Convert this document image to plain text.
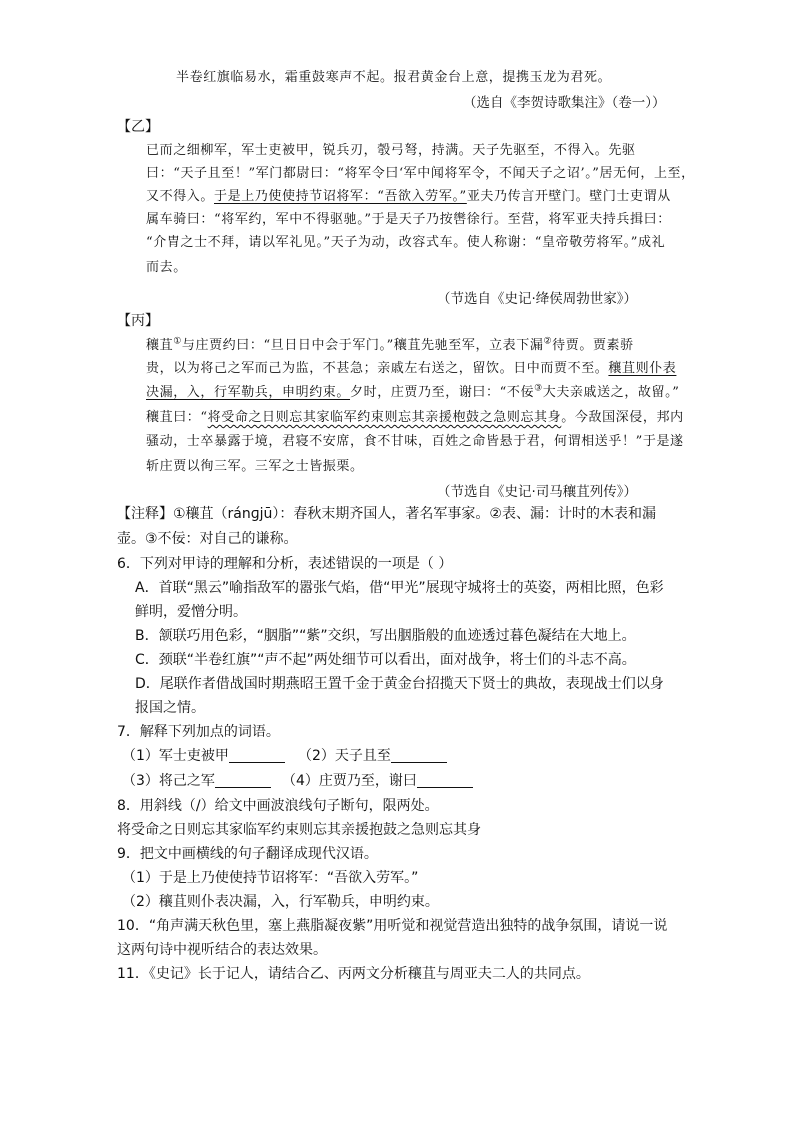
半卷红旗临易水，霜重鼓寒声不起。报君黄金台上意，提携玉龙为君死。
（选自《李贺诗歌集注》（卷一））
【乙】
已而之细柳军，军士吏被甲，锐兵刃，彀弓弩，持满。天子先驱至，不得入。先驱
曰：“天子且至！”军门都尉曰：“将军令曰‘军中闻将军令，不闻天子之诏’。”居无何，上至，
又不得入。于是上乃使使持节诏将军：“吾欲入劳军。”亚夫乃传言开壁门。壁门士吏谓从
属车骑曰：“将军约，军中不得驱驰。”于是天子乃按辔徐行。至营，将军亚夫持兵揖曰：
“介胄之士不拜，请以军礼见。”天子为动，改容式车。使人称谢：“皇帝敬劳将军。”成礼
而去。
（节选自《史记·绛侯周勃世家》）
【丙】
穰苴①与庄贾约曰：“旦日日中会于军门。”穰苴先驰至军，立表下漏②待贾。贾素骄
贵，以为将己之军而己为监，不甚急；亲戚左右送之，留饮。日中而贾不至。穰苴则仆表
决漏，入，行军勒兵，申明约束。夕时，庄贾乃至，谢曰：“不佞③大夫亲戚送之，故留。”
穰苴曰：“将受命之日则忘其家临军约束则忘其亲援枹鼓之急则忘其身。今敌国深侵，邦内
骚动，士卒暴露于境，君寝不安席，食不甘味，百姓之命皆悬于君，何谓相送乎！”于是遂
斩庄贾以徇三军。三军之士皆振栗。
（节选自《史记·司马穰苴列传》）
【注释】①穰苴（ránɡjū）：春秋末期齐国人，著名军事家。②表、漏：计时的木表和漏
壶。③不佞：对自己的谦称。
6．下列对甲诗的理解和分析，表述错误的一项是（ ）
A．首联“黑云”喻指敌军的嚣张气焰，借“甲光”展现守城将士的英姿，两相比照，色彩
鲜明，爱憎分明。
B．颔联巧用色彩，“胭脂”“紫”交织，写出胭脂般的血迹透过暮色凝结在大地上。
C．颈联“半卷红旗”“声不起”两处细节可以看出，面对战争，将士们的斗志不高。
D．尾联作者借战国时期燕昭王置千金于黄金台招揽天下贤士的典故，表现战士们以身
报国之情。
7．解释下列加点的词语。
（1）军士吏被甲	（2）天子且至
（3）将己之军	（4）庄贾乃至，谢曰
8．用斜线（/）给文中画波浪线句子断句，限两处。
将受命之日则忘其家临军约束则忘其亲援抱鼓之急则忘其身
9．把文中画横线的句子翻译成现代汉语。
（1）于是上乃使使持节诏将军：“吾欲入劳军。”
（2）穰苴则仆表决漏，入，行军勒兵，申明约束。
10．“角声满天秋色里，塞上燕脂凝夜紫”用听觉和视觉营造出独特的战争氛围，请说一说
这两句诗中视听结合的表达效果。
11．《史记》长于记人，请结合乙、丙两文分析穰苴与周亚夫二人的共同点。
